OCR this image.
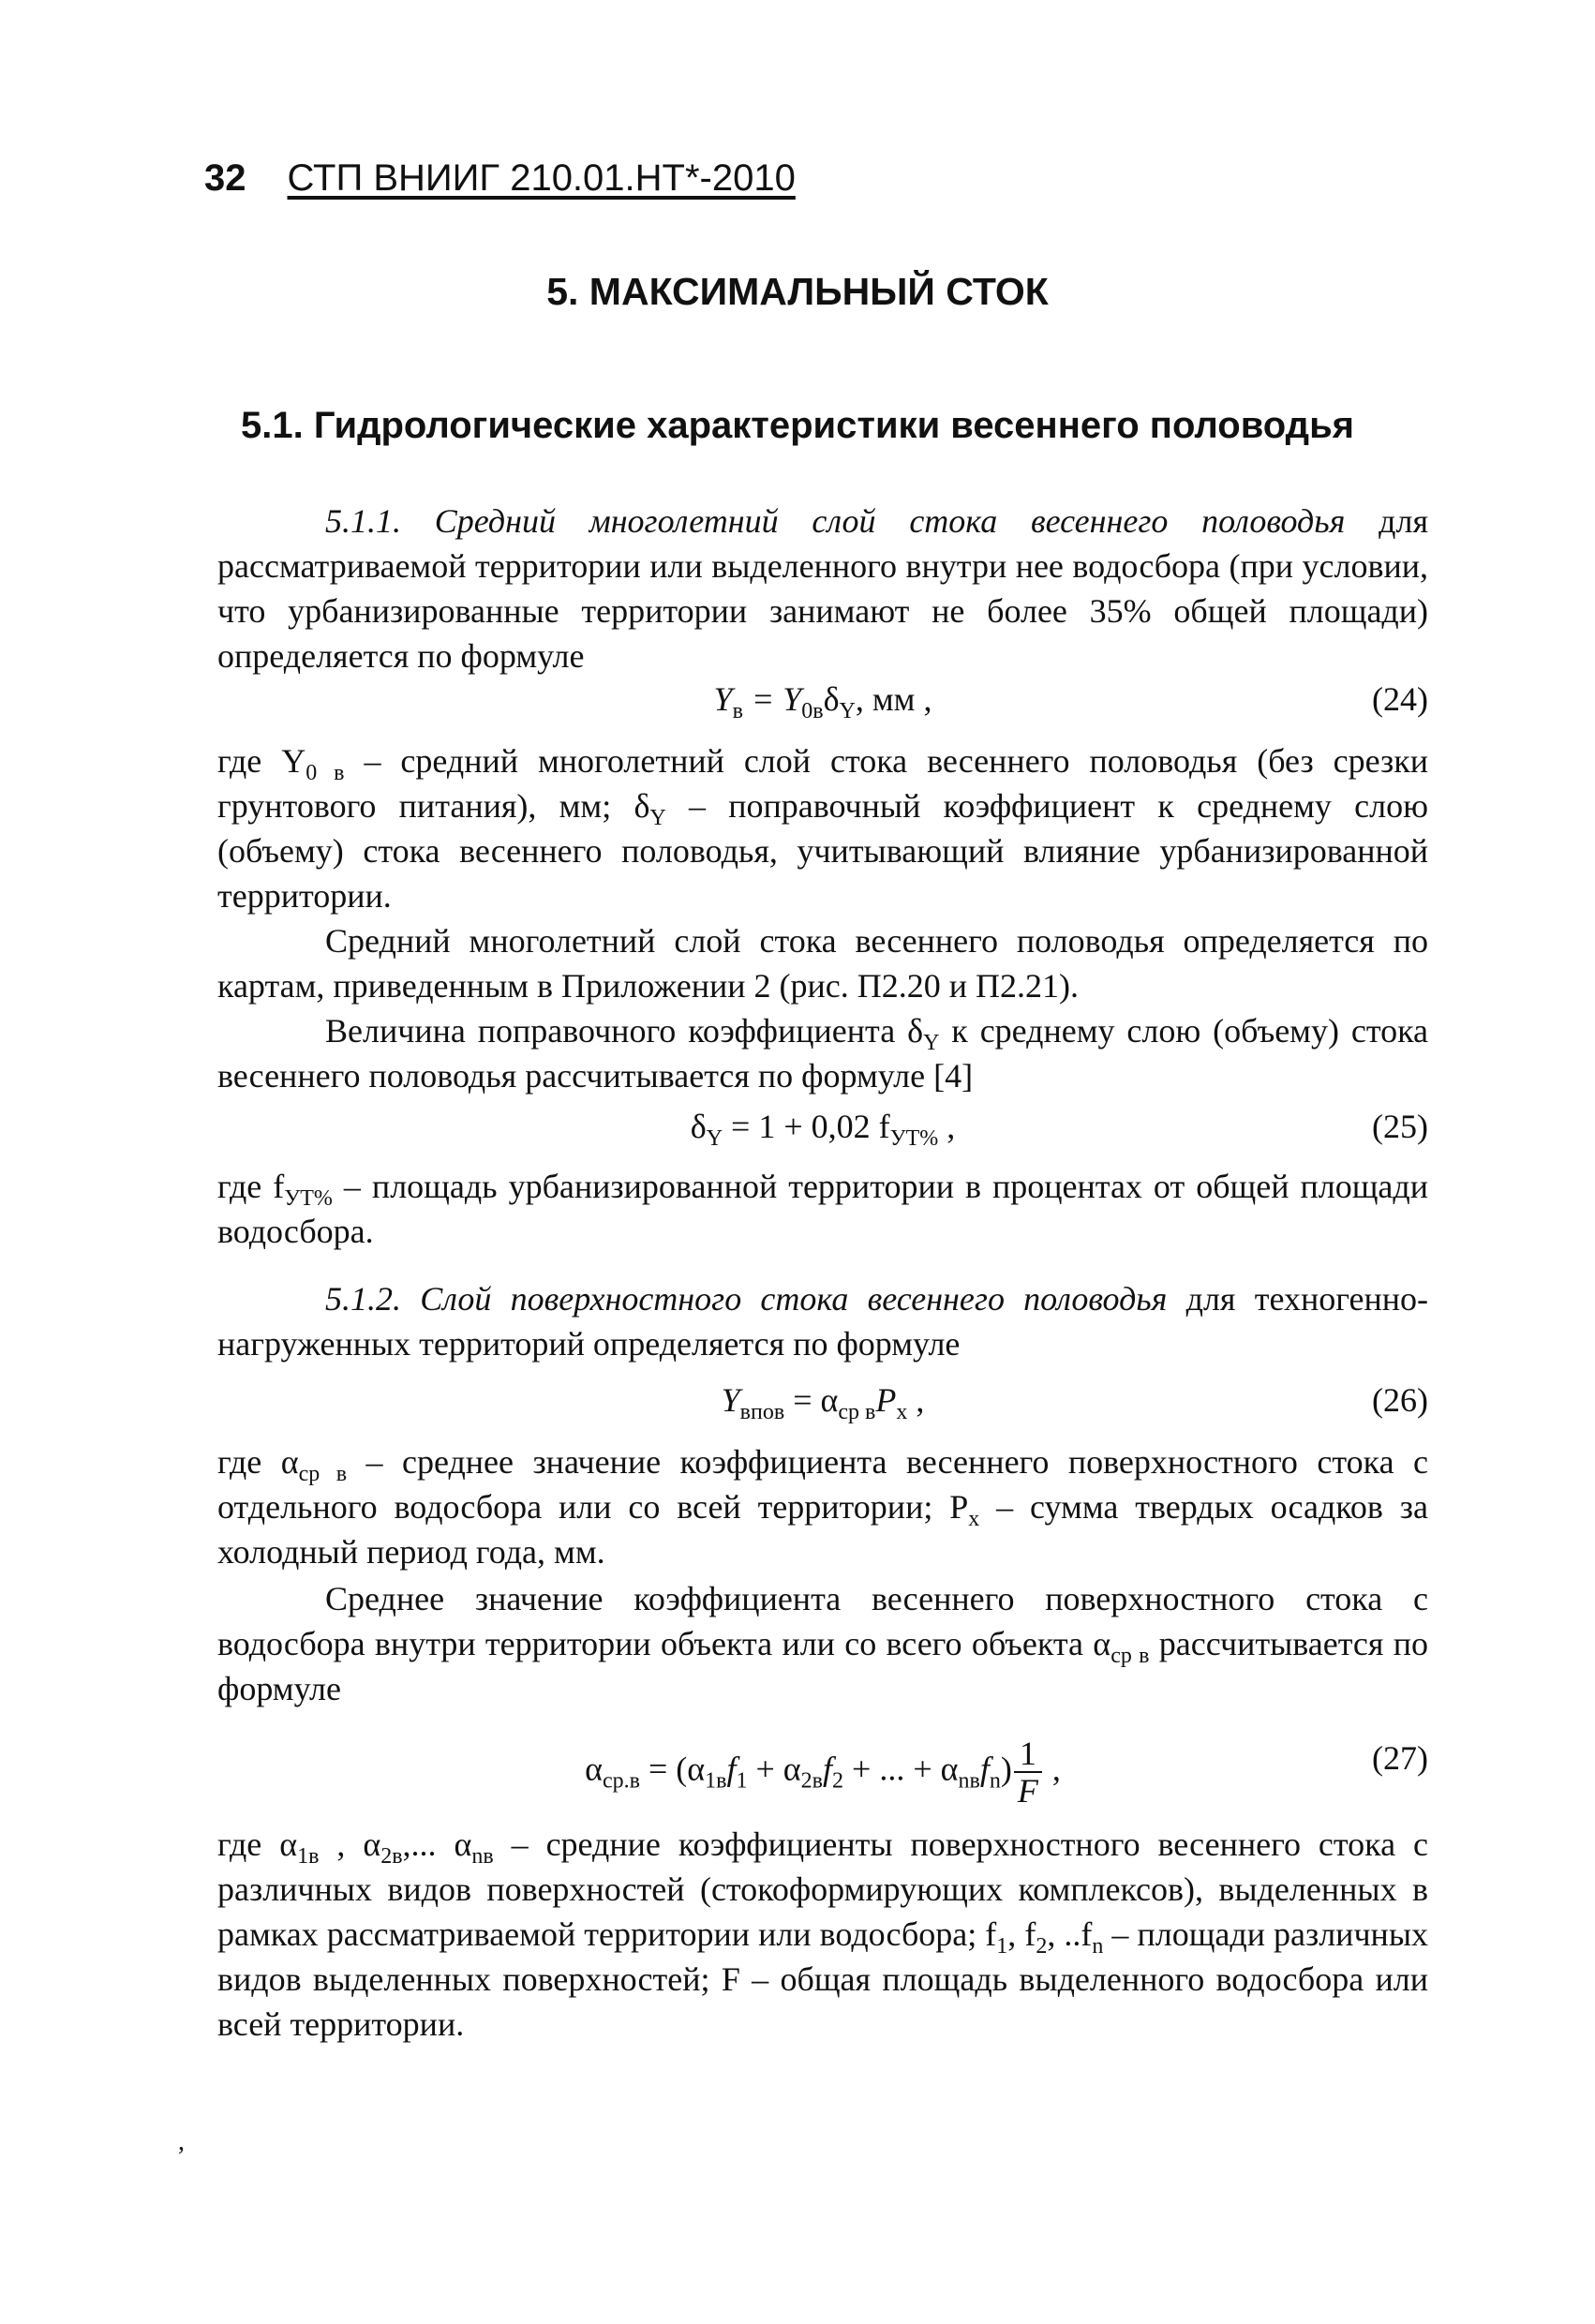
32 СТП ВНИИГ 210.01.НТ*-2010
5. МАКСИМАЛЬНЫЙ СТОК
5.1. Гидрологические характеристики весеннего половодья
5.1.1. Средний многолетний слой стока весеннего половодья для рассматриваемой территории или выделенного внутри нее водосбора (при условии, что урбанизированные территории занимают не более 35% общей площади) определяется по формуле
$Y_в = Y_{0в}\delta_Y$, мм ,	(24)
где $Y_{0 в}$ – средний многолетний слой стока весеннего половодья (без срезки грунтового питания), мм; $\delta_Y$ – поправочный коэффициент к среднему слою (объему) стока весеннего половодья, учитывающий влияние урбанизированной территории.
Средний многолетний слой стока весеннего половодья определяется по картам, приведенным в Приложении 2 (рис. П2.20 и П2.21).
Величина поправочного коэффициента $\delta_Y$ к среднему слою (объему) стока весеннего половодья рассчитывается по формуле [4]
$\delta_Y = 1 + 0,02$ $f_{УТ\%}$ ,	(25)
где $f_{УТ\%}$ – площадь урбанизированной территории в процентах от общей площади водосбора.
5.1.2. Слой поверхностного стока весеннего половодья для техногенно-нагруженных территорий определяется по формуле
$Y_{впов} = \alpha_{ср в}P_х$ ,	(26)
где $\alpha_{ср в}$ – среднее значение коэффициента весеннего поверхностного стока с отдельного водосбора или со всей территории; $P_х$ – сумма твердых осадков за холодный период года, мм.
Среднее значение коэффициента весеннего поверхностного стока с водосбора внутри территории объекта или со всего объекта $\alpha_{ср в}$ рассчитывается по формуле
$\alpha_{ср.в} = (\alpha_{1в}f_1 + \alpha_{2в}f_2$ + ... + $\alpha_{nв}f_n) \frac{1}{F}$ ,	(27)
где $\alpha_{1в}$ , $\alpha_{2в}$,... $\alpha_{nв}$ – средние коэффициенты поверхностного весеннего стока с различных видов поверхностей (стокоформирующих комплексов), выделенных в рамках рассматриваемой территории или водосбора; $f_1$, $f_2$, $..f_n$ – площади различных видов выделенных поверхностей; F – общая площадь выделенного водосбора или всей территории.
,
